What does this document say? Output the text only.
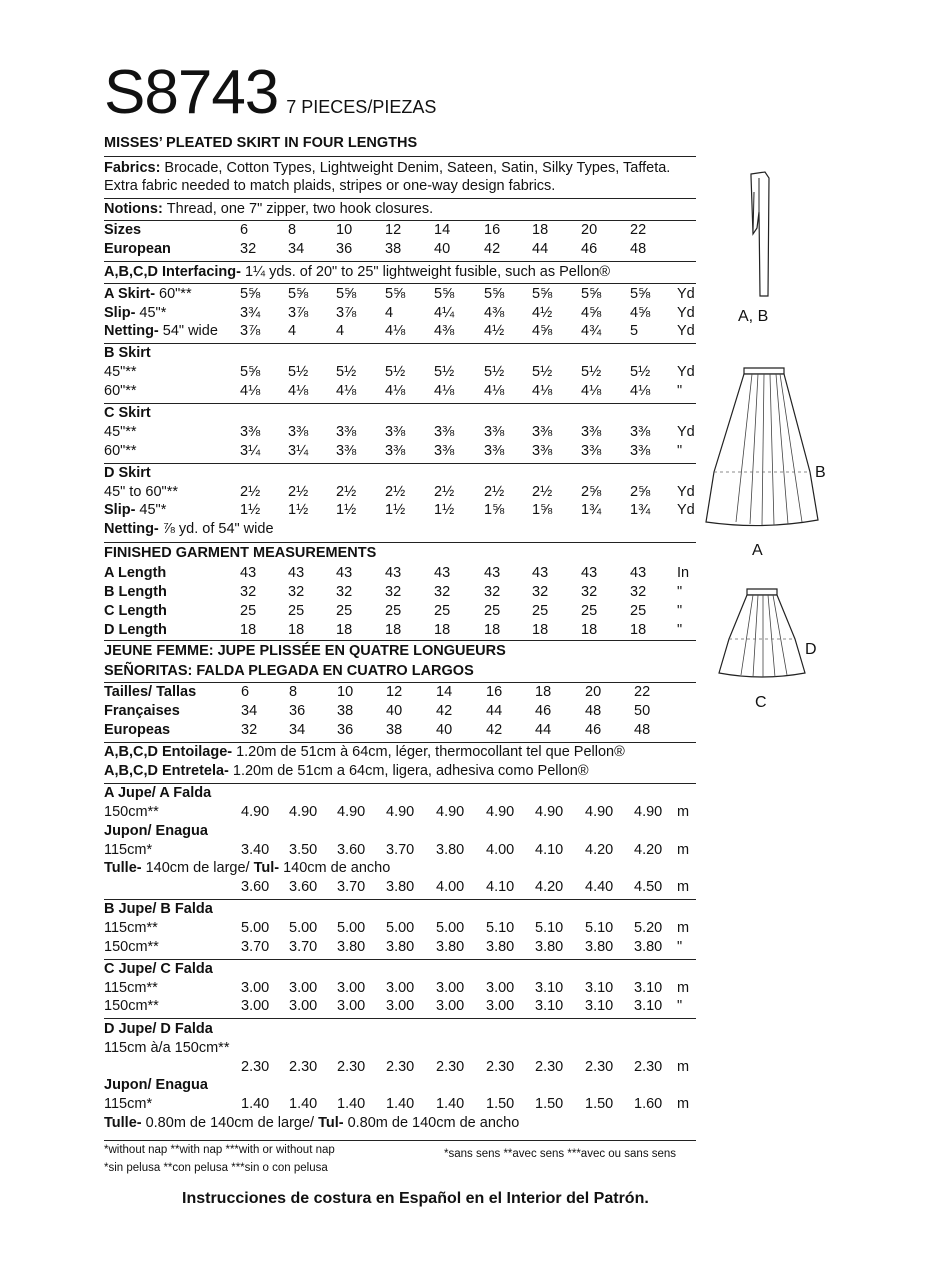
S8743 7 PIECES/PIEZAS
MISSES’ PLEATED SKIRT IN FOUR LENGTHS
Fabrics: Brocade, Cotton Types, Lightweight Denim, Sateen, Satin, Silky Types, Taffeta.
Extra fabric needed to match plaids, stripes or one-way design fabrics.
Notions: Thread, one 7" zipper, two hook closures.
Sizes	6	8	10 12 14 16 18 20 22
European	32 34 36 38 40 42 44 46 48
A,B,C,D Interfacing- 1¼ yds. of 20" to 25" lightweight fusible, such as Pellon®
A Skirt- 60"**	5⅝ 5⅝ 5⅝ 5⅝ 5⅝ 5⅝ 5⅝ 5⅝ 5⅝ Yd
Slip- 45"*	3¾ 3⅞ 3⅞ 4	4¼ 4⅜ 4½ 4⅝ 4⅝ Yd
Netting- 54" wide 3⅞ 4	4	4⅛ 4⅜ 4½ 4⅝ 4¾ 5	Yd
B Skirt
45"**	5⅝ 5½ 5½ 5½ 5½ 5½ 5½ 5½ 5½ Yd
60"**	4⅛ 4⅛ 4⅛ 4⅛ 4⅛ 4⅛ 4⅛ 4⅛ 4⅛ "
C Skirt
45"**	3⅜ 3⅜ 3⅜ 3⅜ 3⅜ 3⅜ 3⅜ 3⅜ 3⅜ Yd
60"**	3¼ 3¼ 3⅜ 3⅜ 3⅜ 3⅜ 3⅜ 3⅜ 3⅜ "
D Skirt
45" to 60"**	2½ 2½ 2½ 2½ 2½ 2½ 2½ 2⅝ 2⅝ Yd
Slip- 45"*	1½ 1½ 1½ 1½ 1½ 1⅝ 1⅝ 1¾ 1¾ Yd
Netting- ⅞ yd. of 54" wide
FINISHED GARMENT MEASUREMENTS
A Length	43 43 43 43 43 43 43 43 43 In
B Length	32 32 32 32 32 32 32 32 32 "
C Length	25 25 25 25 25 25 25 25 25 "
D Length	18 18 18 18 18 18 18 18 18 "
JEUNE FEMME: JUPE PLISSÉE EN QUATRE LONGUEURS
SEÑORITAS: FALDA PLEGADA EN CUATRO LARGOS
Tailles/ Tallas	6	8	10 12 14 16 18 20 22
Françaises	34 36 38 40 42 44 46 48 50
Europeas	32 34 36 38 40 42 44 46 48
A,B,C,D Entoilage- 1.20m de 51cm à 64cm, léger, thermocollant tel que Pellon®
A,B,C,D Entretela- 1.20m de 51cm a 64cm, ligera, adhesiva como Pellon®
A Jupe/ A Falda
150cm**	4.90 4.90 4.90 4.90 4.90 4.90 4.90 4.90 4.90 m
Jupon/ Enagua
115cm*	3.40 3.50 3.60 3.70 3.80 4.00 4.10 4.20 4.20 m
Tulle- 140cm de large/ Tul- 140cm de ancho
3.60 3.60 3.70 3.80 4.00 4.10 4.20 4.40 4.50 m
B Jupe/ B Falda
115cm**	5.00 5.00 5.00 5.00 5.00 5.10 5.10 5.10 5.20 m
150cm**	3.70 3.70 3.80 3.80 3.80 3.80 3.80 3.80 3.80 "
C Jupe/ C Falda
115cm**	3.00 3.00 3.00 3.00 3.00 3.00 3.10 3.10 3.10 m
150cm**	3.00 3.00 3.00 3.00 3.00 3.00 3.10 3.10 3.10 "
D Jupe/ D Falda
115cm à/a 150cm**
2.30 2.30 2.30 2.30 2.30 2.30 2.30 2.30 2.30 m
Jupon/ Enagua
115cm*	1.40 1.40 1.40 1.40 1.40 1.50 1.50 1.50 1.60 m
Tulle- 0.80m de 140cm de large/ Tul- 0.80m de 140cm de ancho
*without nap **with nap ***with or without nap
*sin pelusa **con pelusa ***sin o con pelusa
*sans sens **avec sens ***avec ou sans sens
Instrucciones de costura en Español en el Interior del Patrón.
A, B
B
A
D
C
